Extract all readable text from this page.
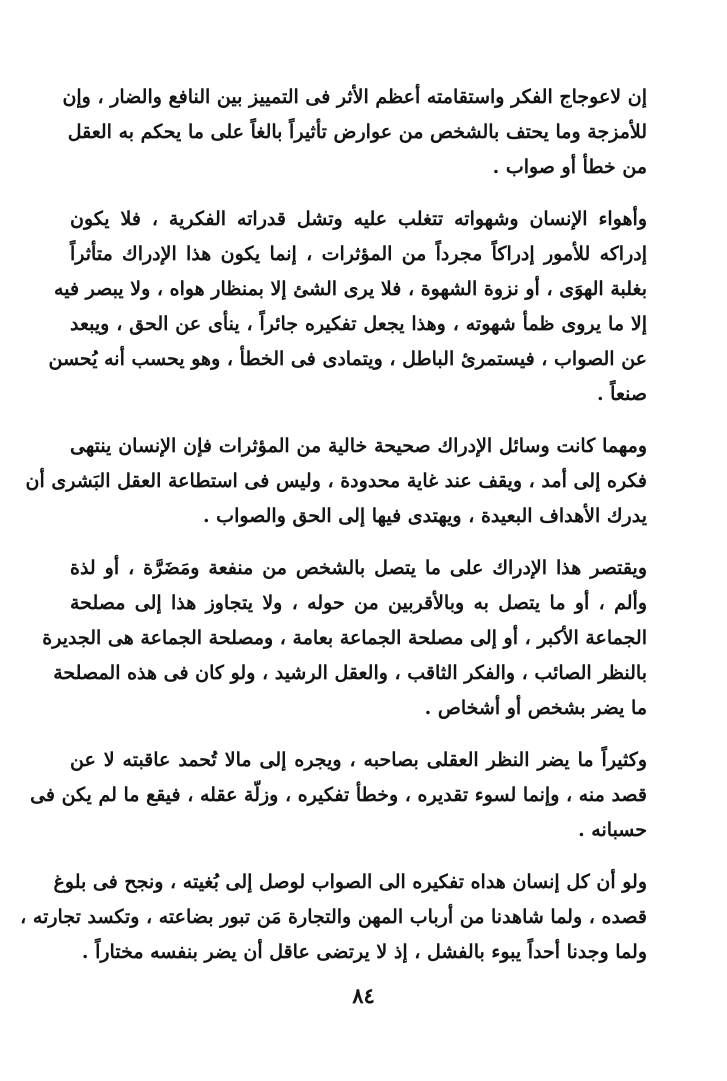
إن لاعوجاج الفكر واستقامته أعظم الأثر فى التمييز بين النافع والضار ، وإن
للأمزجة وما يحتف بالشخص من عوارض تأثيراً بالغاً على ما يحكم به العقل
من خطأ أو صواب .
وأهواء الإنسان وشهواته تتغلب عليه وتشل قدراته الفكرية ، فلا يكون
إدراكه للأمور إدراكاً مجرداً من المؤثرات ، إنما يكون هذا الإدراك متأثراً
بغلبة الهوَى ، أو نزوة الشهوة ، فلا يرى الشئ إلا بمنظار هواه ، ولا يبصر فيه
إلا ما يروى ظمأ شهوته ، وهذا يجعل تفكيره جائراً ، ينأى عن الحق ، ويبعد
عن الصواب ، فيستمرئ الباطل ، ويتمادى فى الخطأ ، وهو يحسب أنه يُحسن
صنعاً .
ومهما كانت وسائل الإدراك صحيحة خالية من المؤثرات فإن الإنسان ينتهى
فكره إلى أمد ، ويقف عند غاية محدودة ، وليس فى استطاعة العقل البَشرى أن
يدرك الأهداف البعيدة ، ويهتدى فيها إلى الحق والصواب .
ويقتصر هذا الإدراك على ما يتصل بالشخص من منفعة ومَضَرَّة ، أو لذة
وألم ، أو ما يتصل به وبالأقربين من حوله ، ولا يتجاوز هذا إلى مصلحة
الجماعة الأكبر ، أو إلى مصلحة الجماعة بعامة ، ومصلحة الجماعة هى الجديرة
بالنظر الصائب ، والفكر الثاقب ، والعقل الرشيد ، ولو كان فى هذه المصلحة
ما يضر بشخص أو أشخاص .
وكثيراً ما يضر النظر العقلى بصاحبه ، ويجره إلى مالا تُحمد عاقبته لا عن
قصد منه ، وإنما لسوء تقديره ، وخطأ تفكيره ، وزلّة عقله ، فيقع ما لم يكن فى
حسبانه .
ولو أن كل إنسان هداه تفكيره الى الصواب لوصل إلى بُغيته ، ونجح فى بلوغ
قصده ، ولما شاهدنا من أرباب المهن والتجارة مَن تبور بضاعته ، وتكسد تجارته ،
ولما وجدنا أحداً يبوء بالفشل ، إذ لا يرتضى عاقل أن يضر بنفسه مختاراً .
٨٤
